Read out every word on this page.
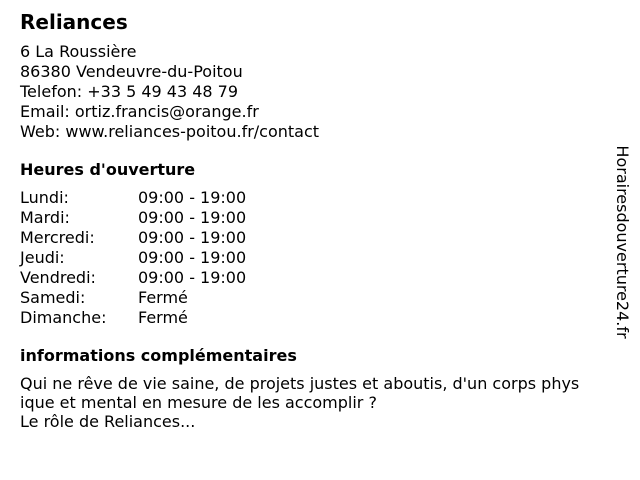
Reliances
6 La Roussière
86380 Vendeuvre-du-Poitou
Telefon: +33 5 49 43 48 79
Email: ortiz.francis@orange.fr
Web: www.reliances-poitou.fr/contact
Heures d'ouverture
Lundi:	09:00 - 19:00
Mardi:	09:00 - 19:00
Mercredi:	09:00 - 19:00
Jeudi:	09:00 - 19:00
Vendredi:	09:00 - 19:00
Samedi:	Fermé
Dimanche:	Fermé
informations complémentaires
Qui ne rêve de vie saine, de projets justes et aboutis, d'un corps physique et mental en mesure de les accomplir ?
Le rôle de Reliances...
Horairesdouverture24.fr
